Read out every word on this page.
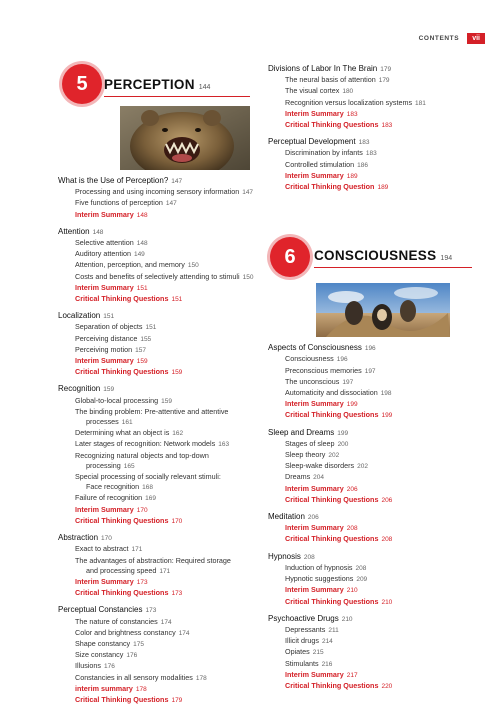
CONTENTS	vii
5	PERCEPTION 144
What is the Use of Perception? 147
Processing and using incoming sensory information 147
Five functions of perception 147
Interim Summary 148
Attention 148
Selective attention 148
Auditory attention 149
Attention, perception, and memory 150
Costs and benefits of selectively attending to stimuli 150
Interim Summary 151
Critical Thinking Questions 151
Localization 151
Separation of objects 151
Perceiving distance 155
Perceiving motion 157
Interim Summary 159
Critical Thinking Questions 159
Recognition 159
Global-to-local processing 159
The binding problem: Pre-attentive and attentive
processes 161
Determining what an object is 162
Later stages of recognition: Network models 163
Recognizing natural objects and top-down
processing 165
Special processing of socially relevant stimuli:
Face recognition 168
Failure of recognition 169
Interim Summary 170
Critical Thinking Questions 170
Abstraction 170
Exact to abstract 171
The advantages of abstraction: Required storage
and processing speed 171
Interim Summary 173
Critical Thinking Questions 173
Perceptual Constancies 173
The nature of constancies 174
Color and brightness constancy 174
Shape constancy 175
Size constancy 176
Illusions 176
Constancies in all sensory modalities 178
interim summary 178
Critical Thinking Questions 179
Divisions of Labor In The Brain 179
The neural basis of attention 179
The visual cortex 180
Recognition versus localization systems 181
Interim Summary 183
Critical Thinking Questions 183
Perceptual Development 183
Discrimination by infants 183
Controlled stimulation 186
Interim Summary 189
Critical Thinking Question 189
6	CONSCIOUSNESS 194
Aspects of Consciousness 196
Consciousness 196
Preconscious memories 197
The unconscious 197
Automaticity and dissociation 198
Interim Summary 199
Critical Thinking Questions 199
Sleep and Dreams 199
Stages of sleep 200
Sleep theory 202
Sleep-wake disorders 202
Dreams 204
Interim Summary 206
Critical Thinking Questions 206
Meditation 206
Interim Summary 208
Critical Thinking Questions 208
Hypnosis 208
Induction of hypnosis 208
Hypnotic suggestions 209
Interim Summary 210
Critical Thinking Questions 210
Psychoactive Drugs 210
Depressants 211
Illicit drugs 214
Opiates 215
Stimulants 216
Interim Summary 217
Critical Thinking Questions 220
